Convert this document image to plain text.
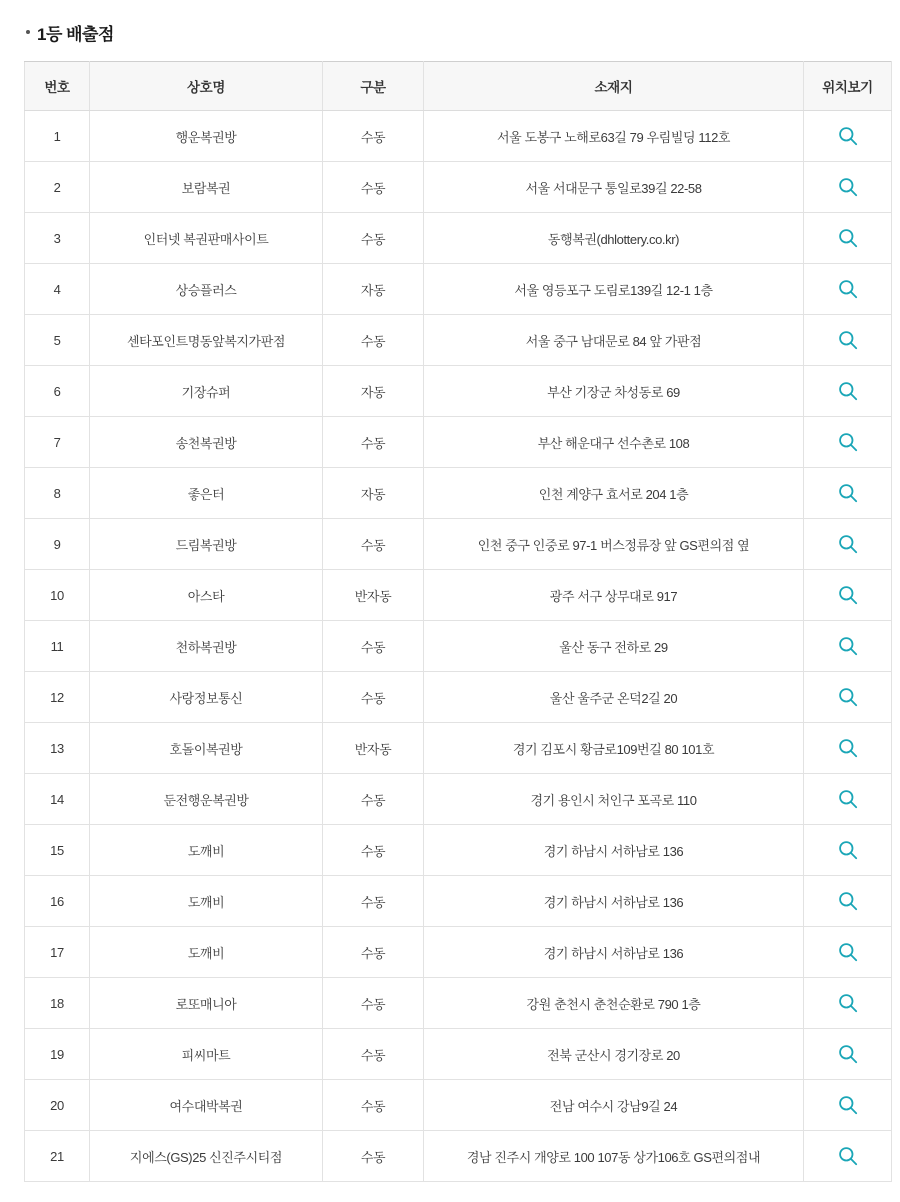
1등 배출점
번호	상호명	구분	소재지	위치보기
1	행운복권방	수동	서울 도봉구 노해로63길 79 우림빌딩 112호	

2	보람복권	수동	서울 서대문구 통일로39길 22-58	

3	인터넷 복권판매사이트	수동	동행복권(dhlottery.co.kr)	

4	상승플러스	자동	서울 영등포구 도림로139길 12-1 1층	

5	센타포인트명동앞복지가판점	수동	서울 중구 남대문로 84 앞 가판점	

6	기장슈퍼	자동	부산 기장군 차성동로 69	

7	송천복권방	수동	부산 해운대구 선수촌로 108	

8	좋은터	자동	인천 계양구 효서로 204 1층	

9	드림복권방	수동	인천 중구 인중로 97-1 버스정류장 앞 GS편의점 옆	

10	아스타	반자동	광주 서구 상무대로 917	

11	천하복권방	수동	울산 동구 전하로 29	

12	사랑정보통신	수동	울산 울주군 온덕2길 20	

13	호돌이복권방	반자동	경기 김포시 황금로109번길 80 101호	

14	둔전행운복권방	수동	경기 용인시 처인구 포곡로 110	

15	도깨비	수동	경기 하남시 서하남로 136	

16	도깨비	수동	경기 하남시 서하남로 136	

17	도깨비	수동	경기 하남시 서하남로 136	

18	로또매니아	수동	강원 춘천시 춘천순환로 790 1층	

19	피씨마트	수동	전북 군산시 경기장로 20	

20	여수대박복권	수동	전남 여수시 강남9길 24	

21	지에스(GS)25 신진주시티점	수동	경남 진주시 개양로 100 107동 상가106호 GS편의점내	
